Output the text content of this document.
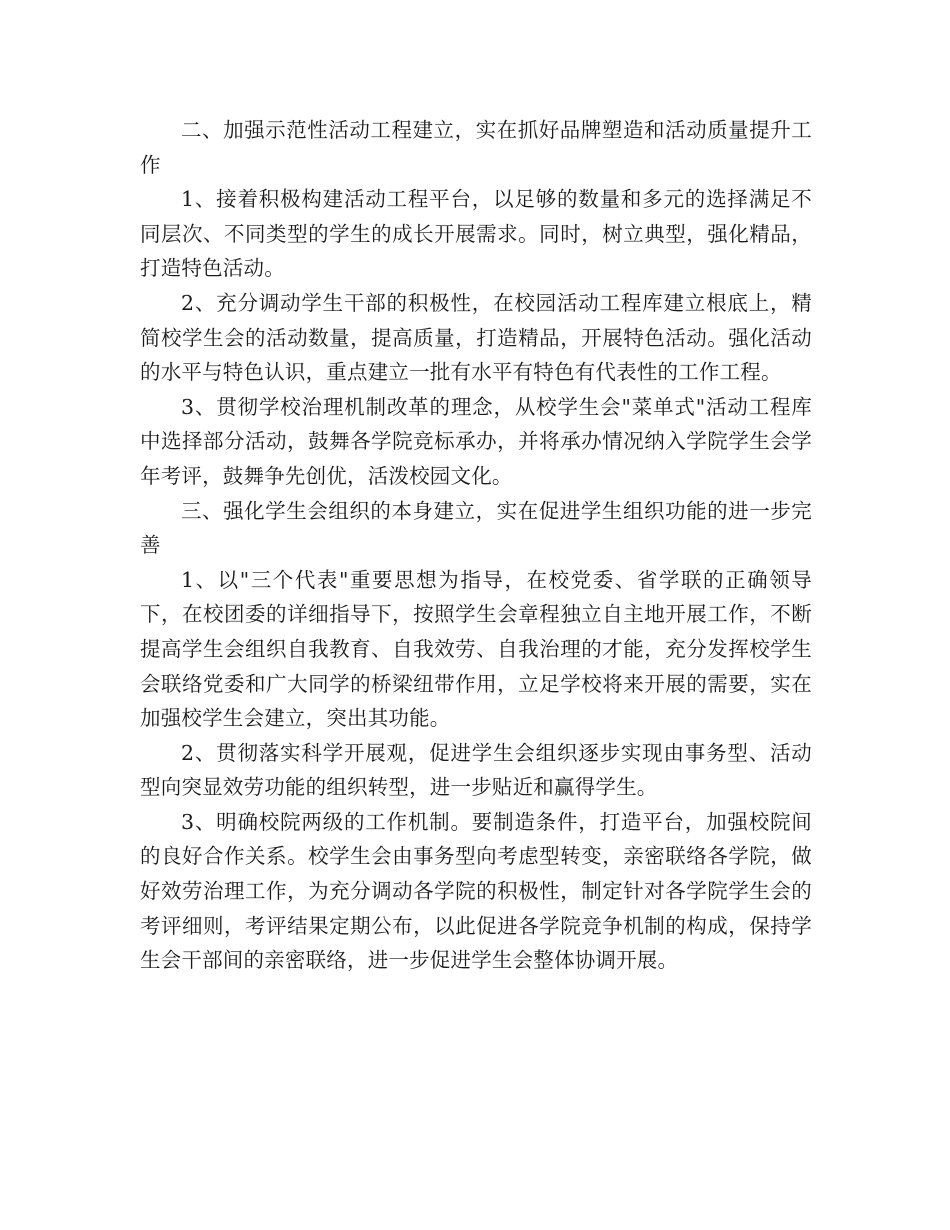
二、加强示范性活动工程建立，实在抓好品牌塑造和活动质量提升工作

1、接着积极构建活动工程平台，以足够的数量和多元的选择满足不同层次、不同类型的学生的成长开展需求。同时，树立典型，强化精品，打造特色活动。

2、充分调动学生干部的积极性，在校园活动工程库建立根底上，精简校学生会的活动数量，提高质量，打造精品，开展特色活动。强化活动的水平与特色认识，重点建立一批有水平有特色有代表性的工作工程。

3、贯彻学校治理机制改革的理念，从校学生会"菜单式"活动工程库中选择部分活动，鼓舞各学院竞标承办，并将承办情况纳入学院学生会学年考评，鼓舞争先创优，活泼校园文化。

三、强化学生会组织的本身建立，实在促进学生组织功能的进一步完善

1、以"三个代表"重要思想为指导，在校党委、省学联的正确领导下，在校团委的详细指导下，按照学生会章程独立自主地开展工作，不断提高学生会组织自我教育、自我效劳、自我治理的才能，充分发挥校学生会联络党委和广大同学的桥梁纽带作用，立足学校将来开展的需要，实在加强校学生会建立，突出其功能。

2、贯彻落实科学开展观，促进学生会组织逐步实现由事务型、活动型向突显效劳功能的组织转型，进一步贴近和赢得学生。

3、明确校院两级的工作机制。要制造条件，打造平台，加强校院间的良好合作关系。校学生会由事务型向考虑型转变，亲密联络各学院，做好效劳治理工作，为充分调动各学院的积极性，制定针对各学院学生会的考评细则，考评结果定期公布，以此促进各学院竞争机制的构成，保持学生会干部间的亲密联络，进一步促进学生会整体协调开展。
